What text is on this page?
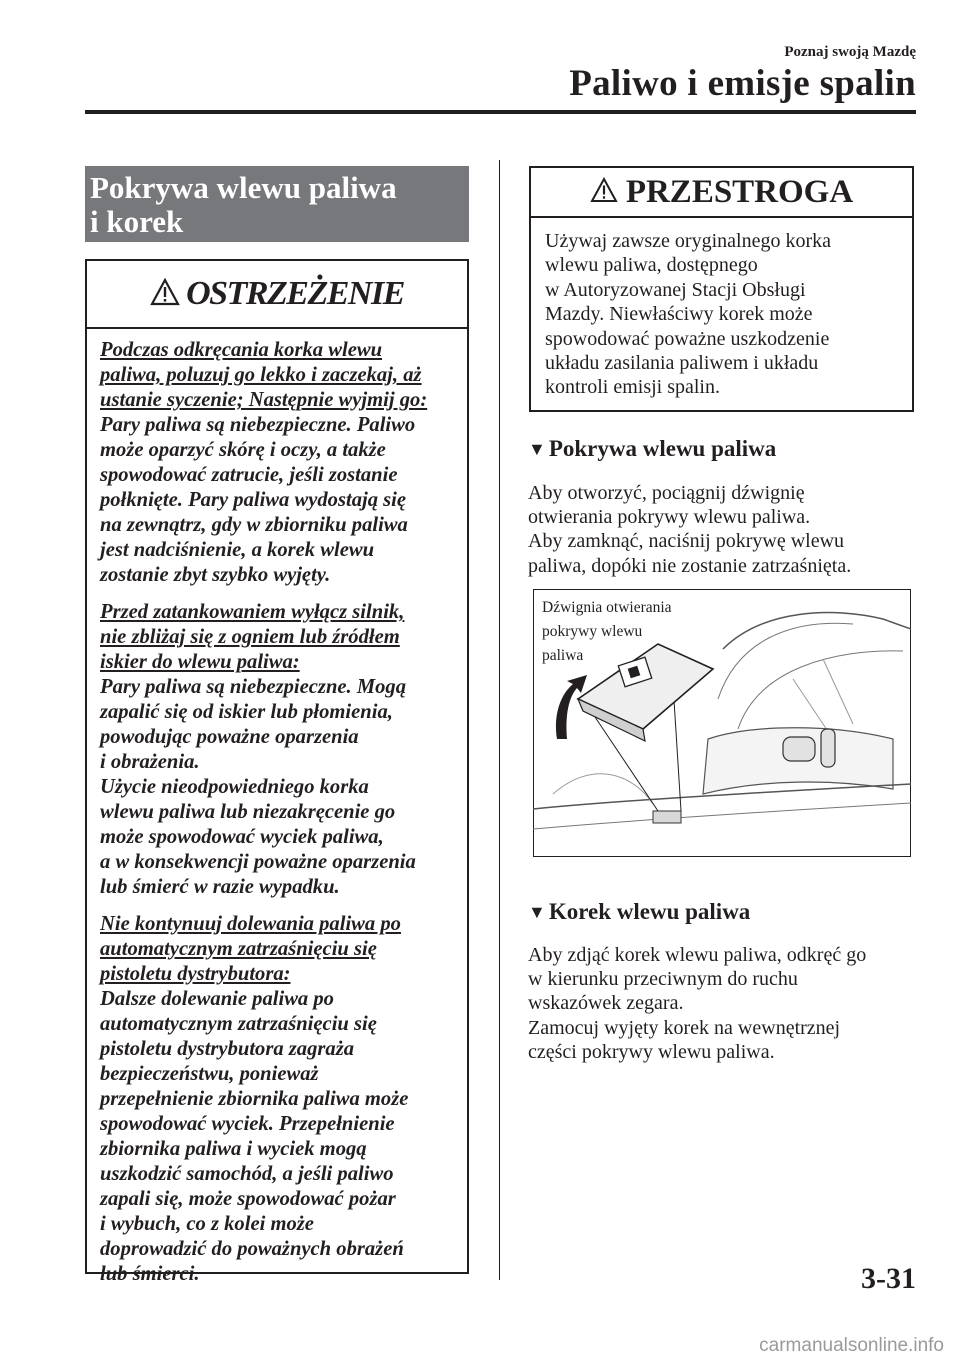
Poznaj swoją Mazdę
Paliwo i emisje spalin
Pokrywa wlewu paliwa
i korek
OSTRZEŻENIE
Podczas odkręcania korka wlewu
paliwa, poluzuj go lekko i zaczekaj, aż
ustanie syczenie; Następnie wyjmij go:
Pary paliwa są niebezpieczne. Paliwo
może oparzyć skórę i oczy, a także
spowodować zatrucie, jeśli zostanie
połknięte. Pary paliwa wydostają się
na zewnątrz, gdy w zbiorniku paliwa
jest nadciśnienie, a korek wlewu
zostanie zbyt szybko wyjęty.
Przed zatankowaniem wyłącz silnik,
nie zbliżaj się z ogniem lub źródłem
iskier do wlewu paliwa:
Pary paliwa są niebezpieczne. Mogą
zapalić się od iskier lub płomienia,
powodując poważne oparzenia
i obrażenia.
Użycie nieodpowiedniego korka
wlewu paliwa lub niezakręcenie go
może spowodować wyciek paliwa,
a w konsekwencji poważne oparzenia
lub śmierć w razie wypadku.
Nie kontynuuj dolewania paliwa po
automatycznym zatrzaśnięciu się
pistoletu dystrybutora:
Dalsze dolewanie paliwa po
automatycznym zatrzaśnięciu się
pistoletu dystrybutora zagraża
bezpieczeństwu, ponieważ
przepełnienie zbiornika paliwa może
spowodować wyciek. Przepełnienie
zbiornika paliwa i wyciek mogą
uszkodzić samochód, a jeśli paliwo
zapali się, może spowodować pożar
i wybuch, co z kolei może
doprowadzić do poważnych obrażeń
lub śmierci.
PRZESTROGA
Używaj zawsze oryginalnego korka
wlewu paliwa, dostępnego
w Autoryzowanej Stacji Obsługi
Mazdy. Niewłaściwy korek może
spowodować poważne uszkodzenie
układu zasilania paliwem i układu
kontroli emisji spalin.
▼ Pokrywa wlewu paliwa
Aby otworzyć, pociągnij dźwignię
otwierania pokrywy wlewu paliwa.
Aby zamknąć, naciśnij pokrywę wlewu
paliwa, dopóki nie zostanie zatrzaśnięta.
Dźwignia otwierania
pokrywy wlewu
paliwa
▼ Korek wlewu paliwa
Aby zdjąć korek wlewu paliwa, odkręć go
w kierunku przeciwnym do ruchu
wskazówek zegara.
Zamocuj wyjęty korek na wewnętrznej
części pokrywy wlewu paliwa.
3-31
carmanualsonline.info
